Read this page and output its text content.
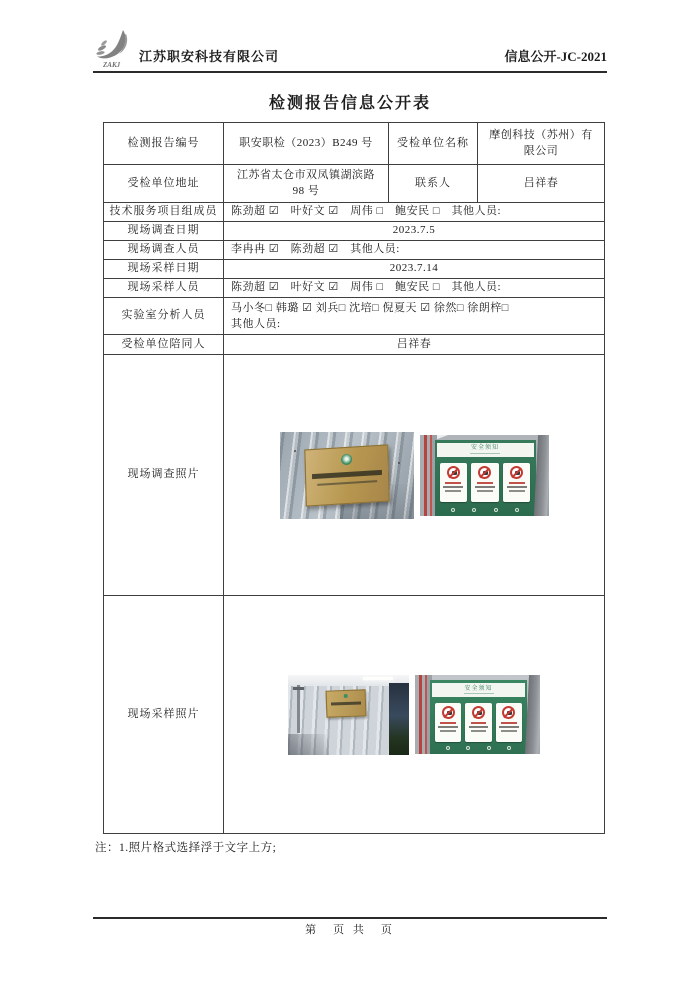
ZAKJ
江苏职安科技有限公司	信息公开-JC-2021
检测报告信息公开表
检测报告编号	职安职检（2023）B249 号	受检单位名称	摩创科技（苏州）有限公司

受检单位地址	江苏省太仓市双凤镇湖滨路98 号	联系人	吕祥春
技术服务项目组成员	陈劲超 ☑　叶好文 ☑　周伟 □　鲍安民 □　其他人员:		
现场调查日期	2023.7.5		
现场调查人员	李冉冉 ☑　陈劲超 ☑　其他人员:		
现场采样日期	2023.7.14		
现场采样人员	陈劲超 ☑　叶好文 ☑　周伟 □　鲍安民 □　其他人员:		
实验室分析人员	马小冬□ 韩璐 ☑ 刘兵□ 沈培□ 倪夏天 ☑ 徐然□ 徐朗梓□
其他人员:		

受检单位陪同人	吕祥春		
现场调查照片	安全须知		

现场采样照片	安全须知		
注：1.照片格式选择浮于文字上方;
第　页 共　页
